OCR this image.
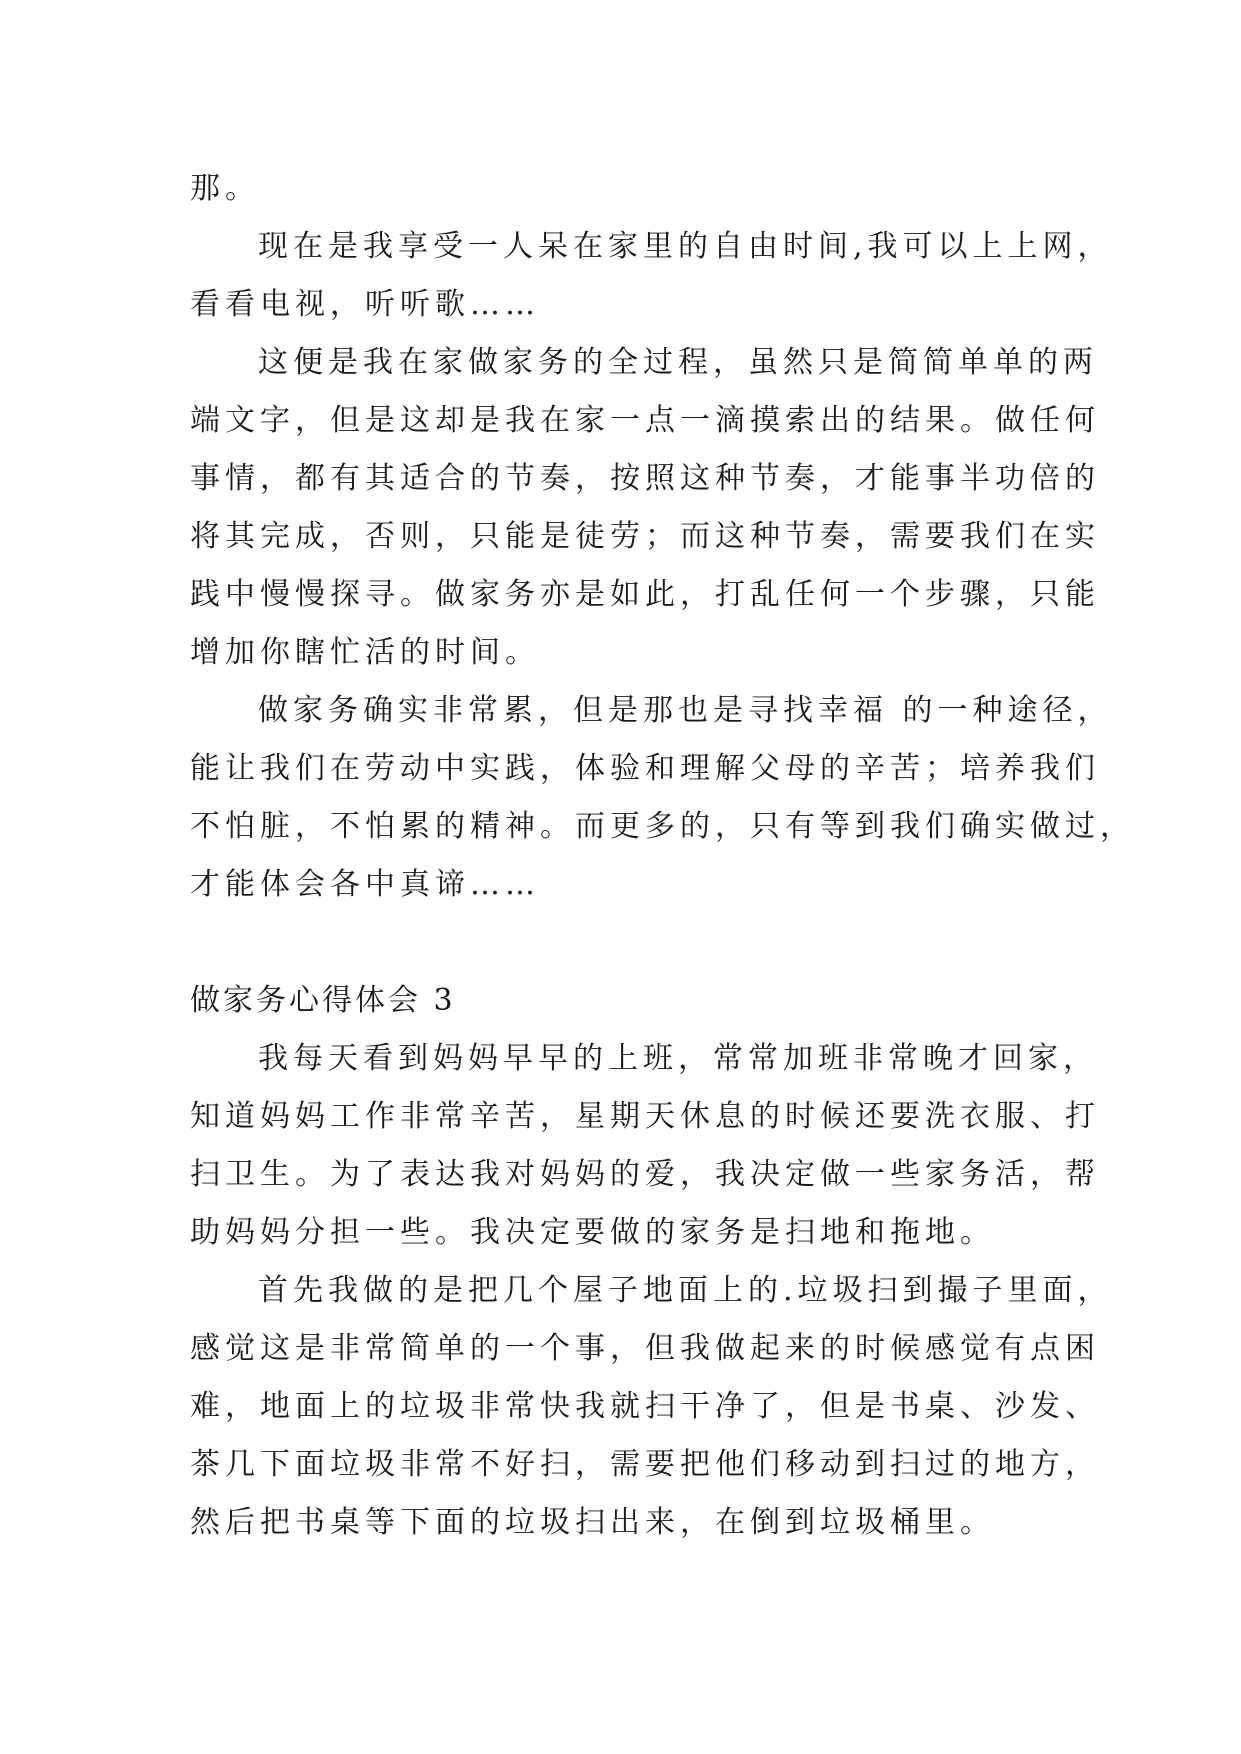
那。
现在是我享受一人呆在家里的自由时间,我可以上上网，
看看电视，听听歌……
这便是我在家做家务的全过程，虽然只是简简单单的两
端文字，但是这却是我在家一点一滴摸索出的结果。做任何
事情，都有其适合的节奏，按照这种节奏，才能事半功倍的
将其完成，否则，只能是徒劳；而这种节奏，需要我们在实
践中慢慢探寻。做家务亦是如此，打乱任何一个步骤，只能
增加你瞎忙活的时间。
做家务确实非常累，但是那也是寻找幸福 的一种途径，
能让我们在劳动中实践，体验和理解父母的辛苦；培养我们
不怕脏，不怕累的精神。而更多的，只有等到我们确实做过，
才能体会各中真谛……
做家务心得体会 3
我每天看到妈妈早早的上班，常常加班非常晚才回家，
知道妈妈工作非常辛苦，星期天休息的时候还要洗衣服、打
扫卫生。为了表达我对妈妈的爱，我决定做一些家务活，帮
助妈妈分担一些。我决定要做的家务是扫地和拖地。
首先我做的是把几个屋子地面上的.垃圾扫到撮子里面，
感觉这是非常简单的一个事，但我做起来的时候感觉有点困
难，地面上的垃圾非常快我就扫干净了，但是书桌、沙发、
茶几下面垃圾非常不好扫，需要把他们移动到扫过的地方，
然后把书桌等下面的垃圾扫出来，在倒到垃圾桶里。
